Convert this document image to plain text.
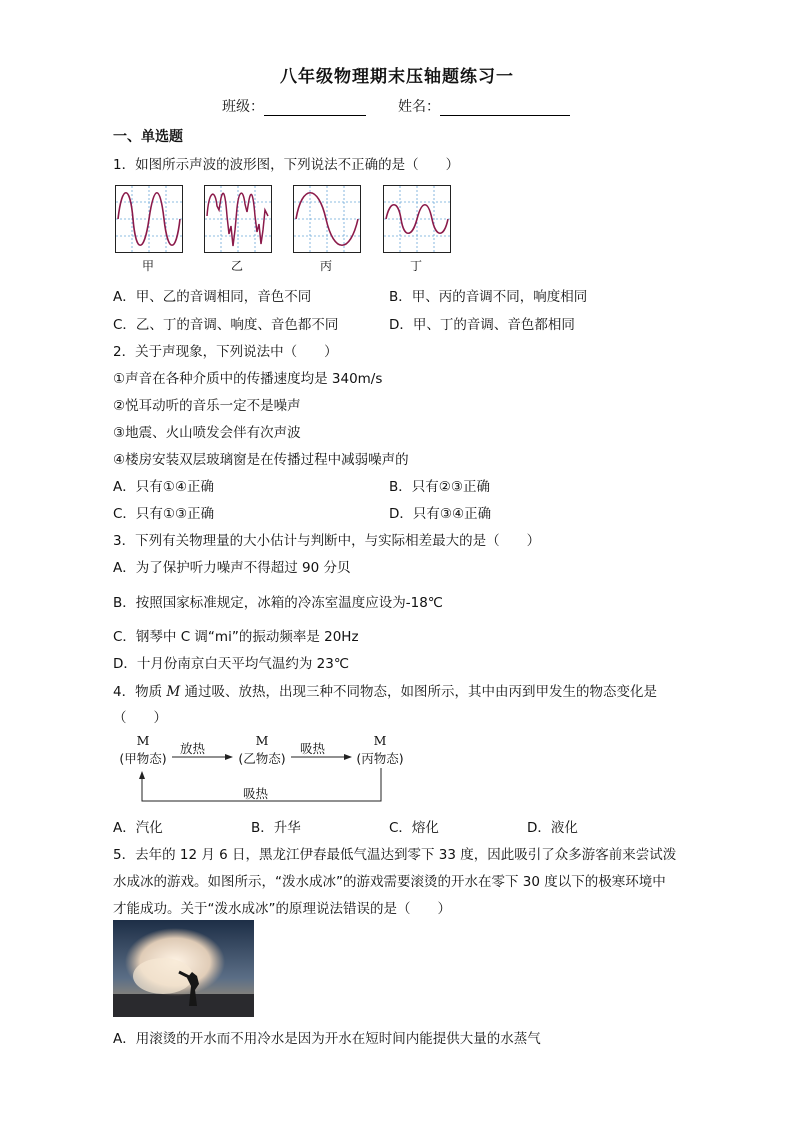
八年级物理期末压轴题练习一
班级：	姓名：
一、单选题
1．如图所示声波的波形图，下列说法不正确的是（　　）
甲	乙	丙	丁
A．甲、乙的音调相同，音色不同	B．甲、丙的音调不同，响度相同
C．乙、丁的音调、响度、音色都不同	D．甲、丁的音调、音色都相同
2．关于声现象，下列说法中（　　）
①声音在各种介质中的传播速度均是 340m/s
②悦耳动听的音乐一定不是噪声
③地震、火山喷发会伴有次声波
④楼房安装双层玻璃窗是在传播过程中减弱噪声的
A．只有①④正确	B．只有②③正确
C．只有①③正确	D．只有③④正确
3．下列有关物理量的大小估计与判断中，与实际相差最大的是（　　）
A．为了保护听力噪声不得超过 90 分贝
B．按照国家标准规定，冰箱的冷冻室温度应设为-18℃
C．钢琴中 C 调“mi”的振动频率是 20Hz
D．十月份南京白天平均气温约为 23℃
4．物质 M 通过吸、放热，出现三种不同物态，如图所示，其中由丙到甲发生的物态变化是
（　　）
M
(甲物态)
M
(乙物态)
M
(丙物态)
放热	吸热
吸热
A．汽化	B．升华	C．熔化	D．液化
5．去年的 12 月 6 日，黑龙江伊春最低气温达到零下 33 度，因此吸引了众多游客前来尝试泼
水成冰的游戏。如图所示，“泼水成冰”的游戏需要滚烫的开水在零下 30 度以下的极寒环境中
才能成功。关于“泼水成冰”的原理说法错误的是（　　）
A．用滚烫的开水而不用冷水是因为开水在短时间内能提供大量的水蒸气
